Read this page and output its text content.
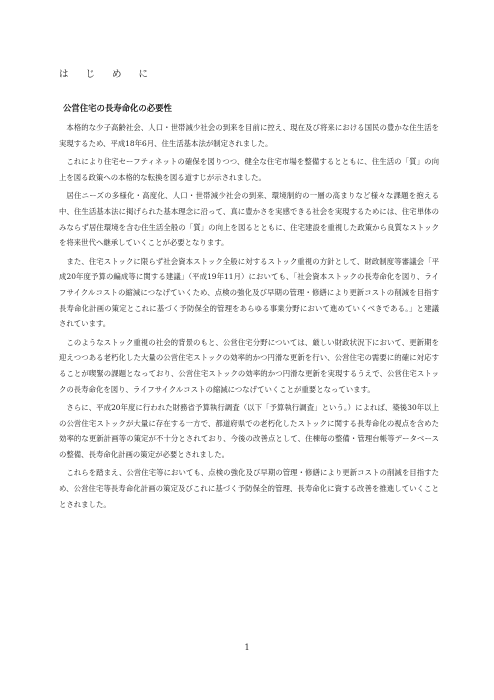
は じ め に
公営住宅の長寿命化の必要性

本格的な少子高齢社会、人口・世帯減少社会の到来を目前に控え、現在及び将来における国民の豊かな住生活を実現するため、平成18年6月、住生活基本法が制定されました。

これにより住宅セーフティネットの確保を図りつつ、健全な住宅市場を整備するとともに、住生活の「質」の向上を図る政策への本格的な転換を図る道すじが示されました。

居住ニーズの多様化・高度化、人口・世帯減少社会の到来、環境制約の一層の高まりなど様々な課題を抱える中、住生活基本法に掲げられた基本理念に沿って、真に豊かさを実感できる社会を実現するためには、住宅単体のみならず居住環境を含む住生活全般の「質」の向上を図るとともに、住宅建設を重視した政策から良質なストックを将来世代へ継承していくことが必要となります。

また、住宅ストックに限らず社会資本ストック全般に対するストック重視の方針として、財政制度等審議会「平成20年度予算の編成等に関する建議」（平成19年11月）においても、「社会資本ストックの長寿命化を図り、ライフサイクルコストの縮減につなげていくため、点検の強化及び早期の管理・修繕により更新コストの削減を目指す長寿命化計画の策定とこれに基づく予防保全的管理をあらゆる事業分野において進めていくべきである。」と建議されています。

このようなストック重視の社会的背景のもと、公営住宅分野については、厳しい財政状況下において、更新期を迎えつつある老朽化した大量の公営住宅ストックの効率的かつ円滑な更新を行い、公営住宅の需要に的確に対応することが喫緊の課題となっており、公営住宅ストックの効率的かつ円滑な更新を実現するうえで、公営住宅ストックの長寿命化を図り、ライフサイクルコストの縮減につなげていくことが重要となっています。

さらに、平成20年度に行われた財務省予算執行調査（以下「予算執行調査」という。）によれば、築後30年以上の公営住宅ストックが大量に存在する一方で、都道府県での老朽化したストックに関する長寿命化の視点を含めた効率的な更新計画等の策定が不十分とされており、今後の改善点として、住棟毎の整備・管理台帳等データベースの整備、長寿命化計画の策定が必要とされました。

これらを踏まえ、公営住宅等においても、点検の強化及び早期の管理・修繕により更新コストの削減を目指すため、公営住宅等長寿命化計画の策定及びこれに基づく予防保全的管理、長寿命化に資する改善を推進していくこととされました。

1
